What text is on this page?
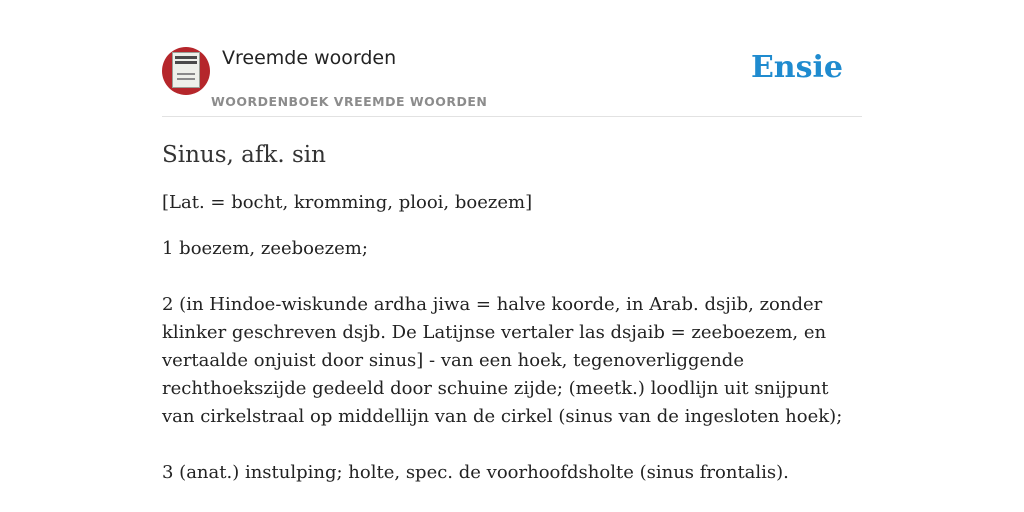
Vreemde woorden
WOORDENBOEK VREEMDE WOORDEN
Ensie
Sinus, afk. sin

[Lat. = bocht, kromming, plooi, boezem]

1 boezem, zeeboezem;

2 (in Hindoe-wiskunde ardha jiwa = halve koorde, in Arab. dsjib, zonder klinker geschreven dsjb. De Latijnse vertaler las dsjaib = zeeboezem, en vertaalde onjuist door sinus] - van een hoek, tegenoverliggende rechthoekszijde gedeeld door schuine zijde; (meetk.) loodlijn uit snijpunt van cirkelstraal op middellijn van de cirkel (sinus van de ingesloten hoek);

3 (anat.) instulping; holte, spec. de voorhoofdsholte (sinus frontalis).
